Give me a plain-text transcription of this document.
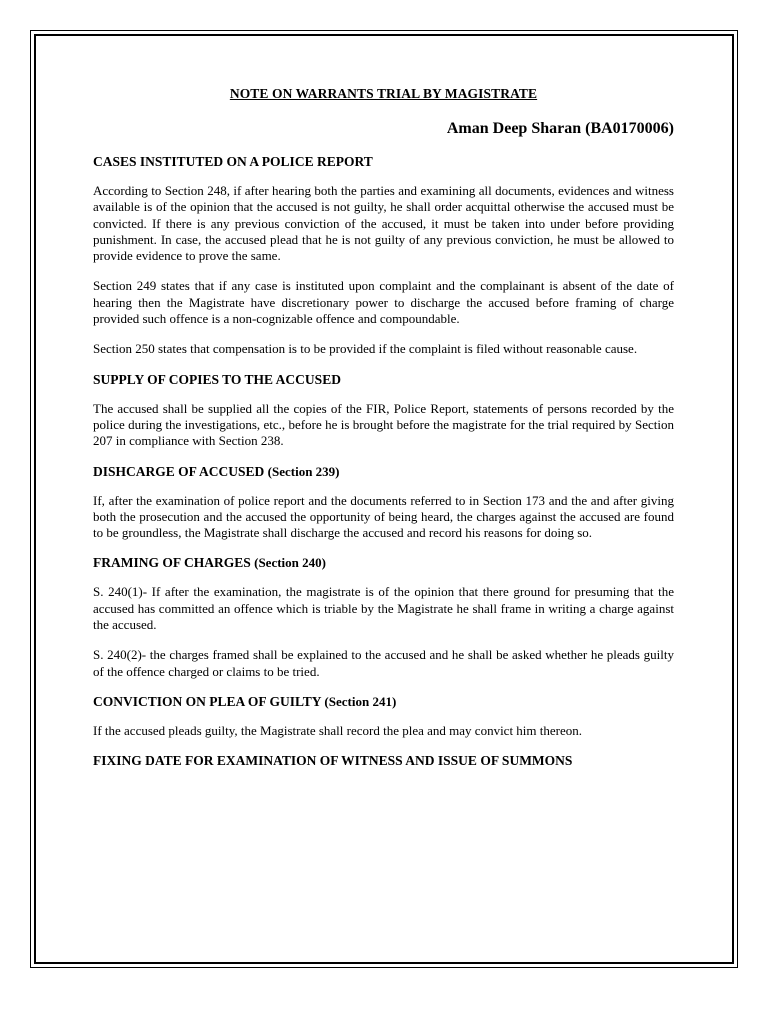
NOTE ON WARRANTS TRIAL BY MAGISTRATE
Aman Deep Sharan (BA0170006)
CASES INSTITUTED ON A POLICE REPORT

According to Section 248, if after hearing both the parties and examining all documents, evidences and witness available is of the opinion that the accused is not guilty, he shall order acquittal otherwise the accused must be convicted. If there is any previous conviction of the accused, it must be taken into under before providing punishment. In case, the accused plead that he is not guilty of any previous conviction, he must be allowed to provide evidence to prove the same.

Section 249 states that if any case is instituted upon complaint and the complainant is absent of the date of hearing then the Magistrate have discretionary power to discharge the accused before framing of charge provided such offence is a non-cognizable offence and compoundable.

Section 250 states that compensation is to be provided if the complaint is filed without reasonable cause.

SUPPLY OF COPIES TO THE ACCUSED

The accused shall be supplied all the copies of the FIR, Police Report, statements of persons recorded by the police during the investigations, etc., before he is brought before the magistrate for the trial required by Section 207 in compliance with Section 238.

DISHCARGE OF ACCUSED (Section 239)

If, after the examination of police report and the documents referred to in Section 173 and the and after giving both the prosecution and the accused the opportunity of being heard, the charges against the accused are found to be groundless, the Magistrate shall discharge the accused and record his reasons for doing so.

FRAMING OF CHARGES (Section 240)

S. 240(1)- If after the examination, the magistrate is of the opinion that there ground for presuming that the accused has committed an offence which is triable by the Magistrate he shall frame in writing a charge against the accused.

S. 240(2)- the charges framed shall be explained to the accused and he shall be asked whether he pleads guilty of the offence charged or claims to be tried.

CONVICTION ON PLEA OF GUILTY (Section 241)

If the accused pleads guilty, the Magistrate shall record the plea and may convict him thereon.

FIXING DATE FOR EXAMINATION OF WITNESS AND ISSUE OF SUMMONS
